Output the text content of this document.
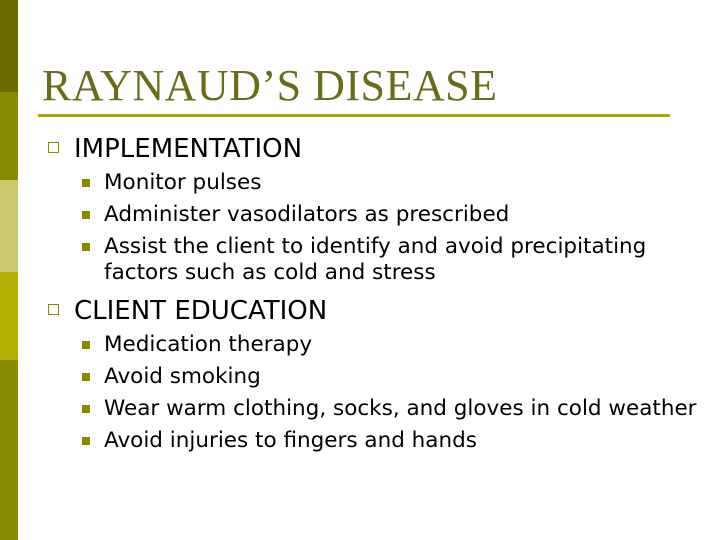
RAYNAUD’S DISEASE
IMPLEMENTATION
Monitor pulses
Administer vasodilators as prescribed
Assist the client to identify and avoid precipitating factors such as cold and stress
CLIENT EDUCATION
Medication therapy
Avoid smoking
Wear warm clothing, socks, and gloves in cold weather
Avoid injuries to fingers and hands
